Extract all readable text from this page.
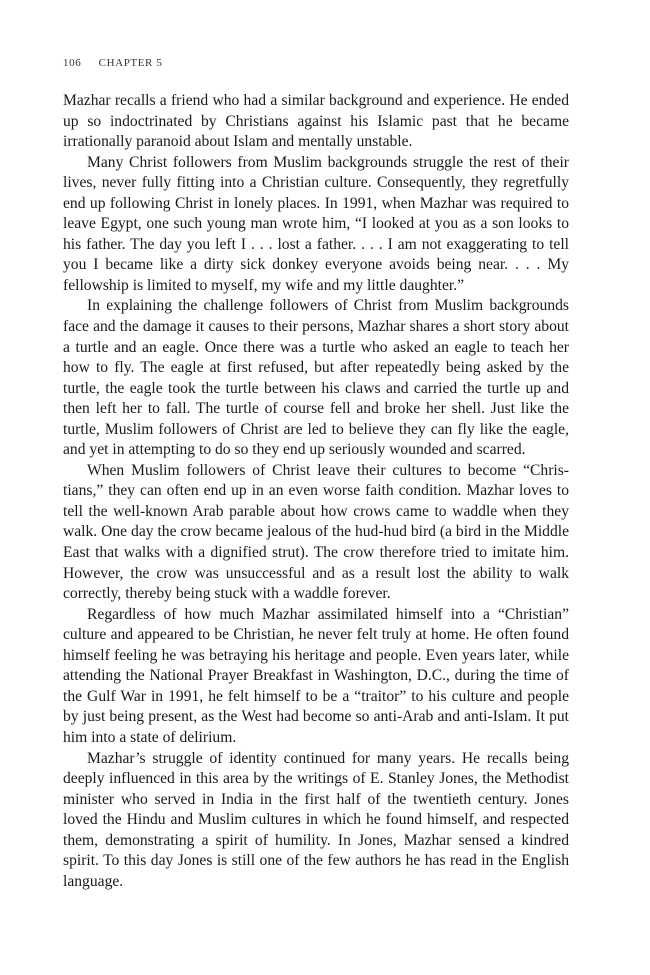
106 CHAPTER 5

Mazhar recalls a friend who had a similar background and experience. He ended up so indoctrinated by Christians against his Islamic past that he became irrationally paranoid about Islam and mentally unstable.

Many Christ followers from Muslim backgrounds struggle the rest of their lives, never fully fitting into a Christian culture. Consequently, they regretfully end up following Christ in lonely places. In 1991, when Mazhar was required to leave Egypt, one such young man wrote him, “I looked at you as a son looks to his father. The day you left I . . . lost a father. . . . I am not exaggerating to tell you I became like a dirty sick donkey everyone avoids being near. . . . My fellowship is limited to myself, my wife and my little daughter.”

In explaining the challenge followers of Christ from Muslim backgrounds face and the damage it causes to their persons, Mazhar shares a short story about a turtle and an eagle. Once there was a turtle who asked an eagle to teach her how to fly. The eagle at first refused, but after repeatedly being asked by the turtle, the eagle took the turtle between his claws and carried the turtle up and then left her to fall. The turtle of course fell and broke her shell. Just like the turtle, Muslim followers of Christ are led to believe they can fly like the eagle, and yet in attempting to do so they end up seriously wounded and scarred.

When Muslim followers of Christ leave their cultures to become “Christians,” they can often end up in an even worse faith condition. Mazhar loves to tell the well-known Arab parable about how crows came to waddle when they walk. One day the crow became jealous of the hud-hud bird (a bird in the Middle East that walks with a dignified strut). The crow therefore tried to imitate him. However, the crow was unsuccessful and as a result lost the ability to walk correctly, thereby being stuck with a waddle forever.

Regardless of how much Mazhar assimilated himself into a “Christian” culture and appeared to be Christian, he never felt truly at home. He often found himself feeling he was betraying his heritage and people. Even years later, while attending the National Prayer Breakfast in Washington, D.C., during the time of the Gulf War in 1991, he felt himself to be a “traitor” to his culture and people by just being present, as the West had become so anti-Arab and anti-Islam. It put him into a state of delirium.

Mazhar’s struggle of identity continued for many years. He recalls being deeply influenced in this area by the writings of E. Stanley Jones, the Methodist minister who served in India in the first half of the twentieth century. Jones loved the Hindu and Muslim cultures in which he found himself, and respected them, demonstrating a spirit of humility. In Jones, Mazhar sensed a kindred spirit. To this day Jones is still one of the few authors he has read in the English language.
